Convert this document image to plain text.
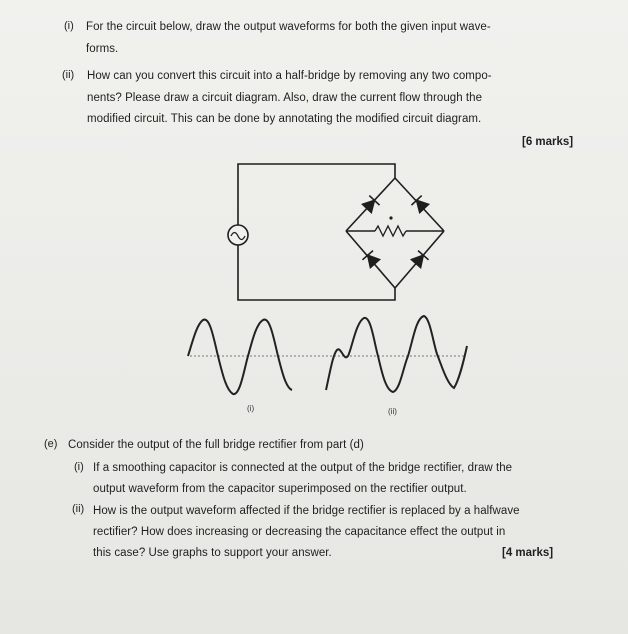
(i) For the circuit below, draw the output waveforms for both the given input wave-
forms.
(ii) How can you convert this circuit into a half-bridge by removing any two compo-
nents? Please draw a circuit diagram. Also, draw the current flow through the
modified circuit. This can be done by annotating the modified circuit diagram.
[6 marks]
(i)	(ii)
(e) Consider the output of the full bridge rectifier from part (d)
(i) If a smoothing capacitor is connected at the output of the bridge rectifier, draw the
output waveform from the capacitor superimposed on the rectifier output.
(ii) How is the output waveform affected if the bridge rectifier is replaced by a halfwave
rectifier? How does increasing or decreasing the capacitance effect the output in
this case? Use graphs to support your answer.	[4 marks]
